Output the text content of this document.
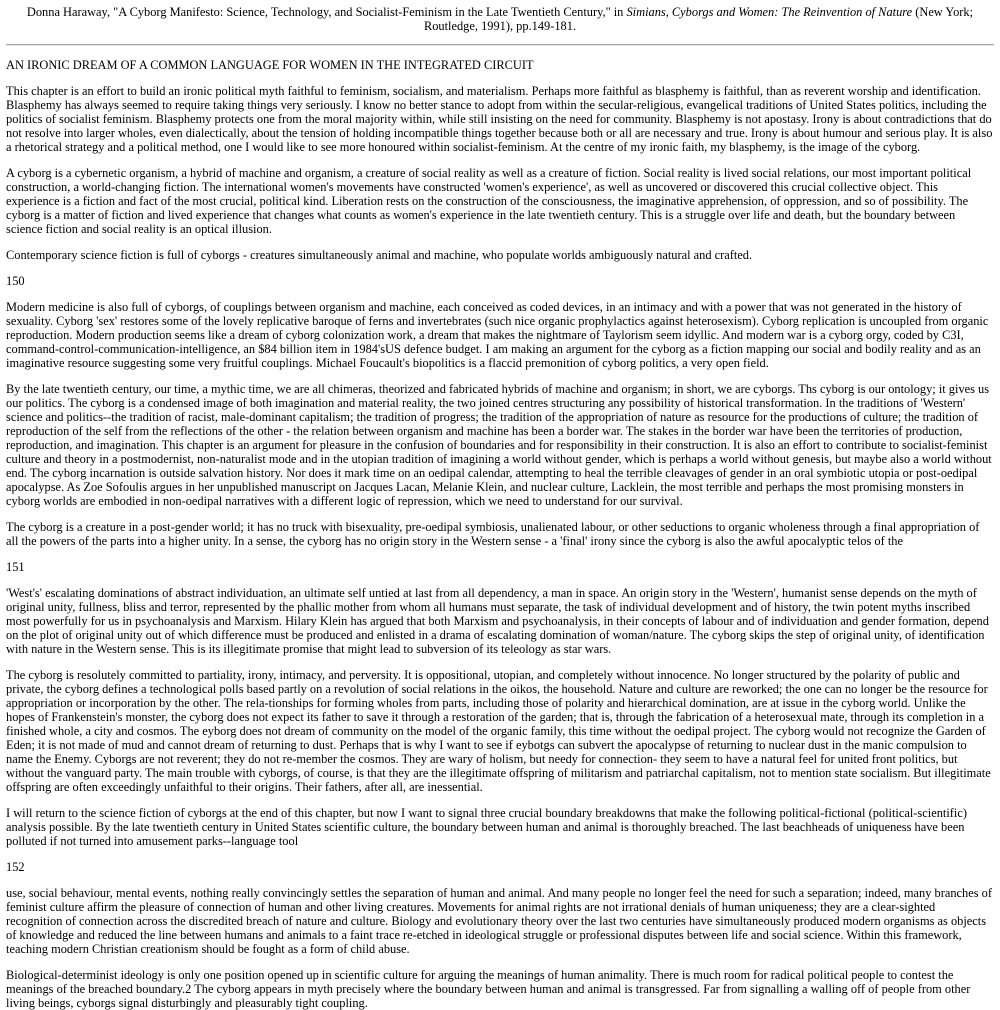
Donna Haraway, "A Cyborg Manifesto: Science, Technology, and Socialist-Feminism in the Late Twentieth Century," in Simians, Cyborgs and Women: The Reinvention of Nature (New York; Routledge, 1991), pp.149-181.

AN IRONIC DREAM OF A COMMON LANGUAGE FOR WOMEN IN THE INTEGRATED CIRCUIT

This chapter is an effort to build an ironic political myth faithful to feminism, socialism, and materialism. Perhaps more faithful as blasphemy is faithful, than as reverent worship and identification. Blasphemy has always seemed to require taking things very seriously. I know no better stance to adopt from within the secular-religious, evangelical traditions of United States politics, including the politics of socialist feminism. Blasphemy protects one from the moral majority within, while still insisting on the need for community. Blasphemy is not apostasy. Irony is about contradictions that do not resolve into larger wholes, even dialectically, about the tension of holding incompatible things together because both or all are necessary and true. Irony is about humour and serious play. It is also a rhetorical strategy and a political method, one I would like to see more honoured within socialist-feminism. At the centre of my ironic faith, my blasphemy, is the image of the cyborg.

A cyborg is a cybernetic organism, a hybrid of machine and organism, a creature of social reality as well as a creature of fiction. Social reality is lived social relations, our most important political construction, a world-changing fiction. The international women's movements have constructed 'women's experience', as well as uncovered or discovered this crucial collective object. This experience is a fiction and fact of the most crucial, political kind. Liberation rests on the construction of the consciousness, the imaginative apprehension, of oppression, and so of possibility. The cyborg is a matter of fiction and lived experience that changes what counts as women's experience in the late twentieth century. This is a struggle over life and death, but the boundary between science fiction and social reality is an optical illusion.

Contemporary science fiction is full of cyborgs - creatures simultaneously animal and machine, who populate worlds ambiguously natural and crafted.

150

Modern medicine is also full of cyborgs, of couplings between organism and machine, each conceived as coded devices, in an intimacy and with a power that was not generated in the history of sexuality. Cyborg 'sex' restores some of the lovely replicative baroque of ferns and invertebrates (such nice organic prophylactics against heterosexism). Cyborg replication is uncoupled from organic reproduction. Modern production seems like a dream of cyborg colonization work, a dream that makes the nightmare of Taylorism seem idyllic. And modern war is a cyborg orgy, coded by C3I, command-control-communication-intelligence, an $84 billion item in 1984'sUS defence budget. I am making an argument for the cyborg as a fiction mapping our social and bodily reality and as an imaginative resource suggesting some very fruitful couplings. Michael Foucault's biopolitics is a flaccid premonition of cyborg politics, a very open field.

By the late twentieth century, our time, a mythic time, we are all chimeras, theorized and fabricated hybrids of machine and organism; in short, we are cyborgs. Ths cyborg is our ontology; it gives us our politics. The cyborg is a condensed image of both imagination and material reality, the two joined centres structuring any possibility of historical transformation. In the traditions of 'Western' science and politics--the tradition of racist, male-dominant capitalism; the tradition of progress; the tradition of the appropriation of nature as resource for the productions of culture; the tradition of reproduction of the self from the reflections of the other - the relation between organism and machine has been a border war. The stakes in the border war have been the territories of production, reproduction, and imagination. This chapter is an argument for pleasure in the confusion of boundaries and for responsibility in their construction. It is also an effort to contribute to socialist-feminist culture and theory in a postmodernist, non-naturalist mode and in the utopian tradition of imagining a world without gender, which is perhaps a world without genesis, but maybe also a world without end. The cyborg incarnation is outside salvation history. Nor does it mark time on an oedipal calendar, attempting to heal the terrible cleavages of gender in an oral symbiotic utopia or post-oedipal apocalypse. As Zoe Sofoulis argues in her unpublished manuscript on Jacques Lacan, Melanie Klein, and nuclear culture, Lacklein, the most terrible and perhaps the most promising monsters in cyborg worlds are embodied in non-oedipal narratives with a different logic of repression, which we need to understand for our survival.

The cyborg is a creature in a post-gender world; it has no truck with bisexuality, pre-oedipal symbiosis, unalienated labour, or other seductions to organic wholeness through a final appropriation of all the powers of the parts into a higher unity. In a sense, the cyborg has no origin story in the Western sense - a 'final' irony since the cyborg is also the awful apocalyptic telos of the

151

'West's' escalating dominations of abstract individuation, an ultimate self untied at last from all dependency, a man in space. An origin story in the 'Western', humanist sense depends on the myth of original unity, fullness, bliss and terror, represented by the phallic mother from whom all humans must separate, the task of individual development and of history, the twin potent myths inscribed most powerfully for us in psychoanalysis and Marxism. Hilary Klein has argued that both Marxism and psychoanalysis, in their concepts of labour and of individuation and gender formation, depend on the plot of original unity out of which difference must be produced and enlisted in a drama of escalating domination of woman/nature. The cyborg skips the step of original unity, of identification with nature in the Western sense. This is its illegitimate promise that might lead to subversion of its teleology as star wars.

The cyborg is resolutely committed to partiality, irony, intimacy, and perversity. It is oppositional, utopian, and completely without innocence. No longer structured by the polarity of public and private, the cyborg defines a technological polls based partly on a revolution of social relations in the oikos, the household. Nature and culture are reworked; the one can no longer be the resource for appropriation or incorporation by the other. The rela-tionships for forming wholes from parts, including those of polarity and hierarchical domination, are at issue in the cyborg world. Unlike the hopes of Frankenstein's monster, the cyborg does not expect its father to save it through a restoration of the garden; that is, through the fabrication of a heterosexual mate, through its completion in a finished whole, a city and cosmos. The eyborg does not dream of community on the model of the organic family, this time without the oedipal project. The cyborg would not recognize the Garden of Eden; it is not made of mud and cannot dream of returning to dust. Perhaps that is why I want to see if eybotgs can subvert the apocalypse of returning to nuclear dust in the manic compulsion to name the Enemy. Cyborgs are not reverent; they do not re-member the cosmos. They are wary of holism, but needy for connection- they seem to have a natural feel for united front politics, but without the vanguard party. The main trouble with cyborgs, of course, is that they are the illegitimate offspring of militarism and patriarchal capitalism, not to mention state socialism. But illegitimate offspring are often exceedingly unfaithful to their origins. Their fathers, after all, are inessential.

I will return to the science fiction of cyborgs at the end of this chapter, but now I want to signal three crucial boundary breakdowns that make the following political-fictional (political-scientific) analysis possible. By the late twentieth century in United States scientific culture, the boundary between human and animal is thoroughly breached. The last beachheads of uniqueness have been polluted if not turned into amusement parks--language tool

152

use, social behaviour, mental events, nothing really convincingly settles the separation of human and animal. And many people no longer feel the need for such a separation; indeed, many branches of feminist culture affirm the pleasure of connection of human and other living creatures. Movements for animal rights are not irrational denials of human uniqueness; they are a clear-sighted recognition of connection across the discredited breach of nature and culture. Biology and evolutionary theory over the last two centuries have simultaneously produced modern organisms as objects of knowledge and reduced the line between humans and animals to a faint trace re-etched in ideological struggle or professional disputes between life and social science. Within this framework, teaching modern Christian creationism should be fought as a form of child abuse.

Biological-determinist ideology is only one position opened up in scientific culture for arguing the meanings of human animality. There is much room for radical political people to contest the meanings of the breached boundary.2 The cyborg appears in myth precisely where the boundary between human and animal is transgressed. Far from signalling a walling off of people from other living beings, cyborgs signal disturbingly and pleasurably tight coupling.
